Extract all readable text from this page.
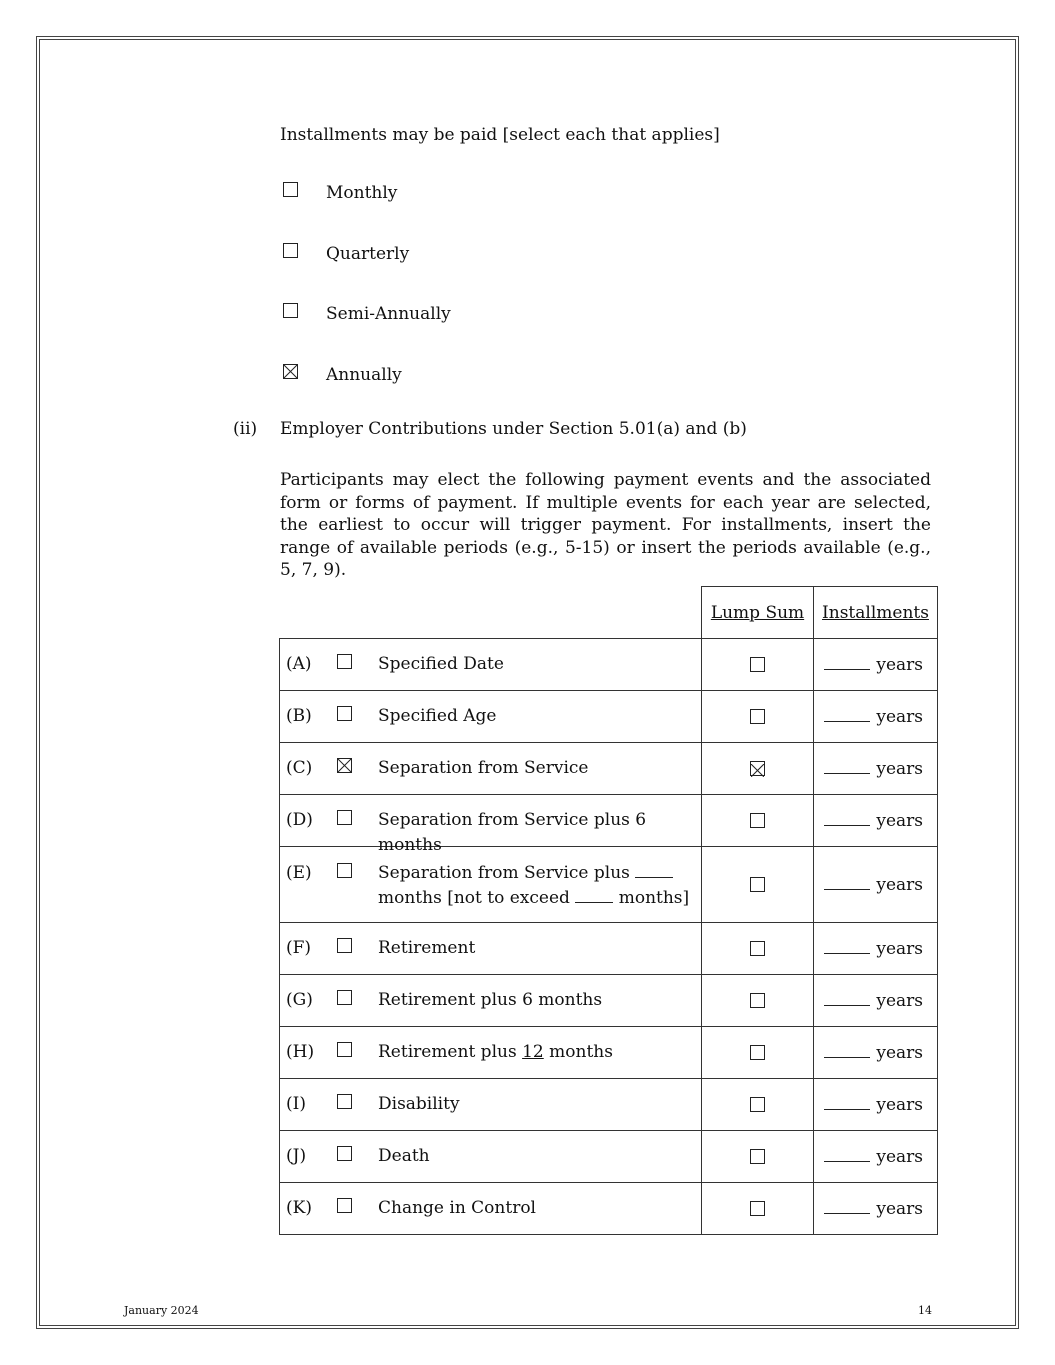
Installments may be paid [select each that applies]
Monthly
Quarterly
Semi-Annually
Annually
(ii) Employer Contributions under Section 5.01(a) and (b)
Participants may elect the following payment events and the associated form or forms of payment. If multiple events for each year are selected, the earliest to occur will trigger payment. For installments, insert the range of available periods (e.g., 5-15) or insert the periods available (e.g., 5, 7, 9).
	Lump Sum	Installments

(A) Specified Date		years

(B) Specified Age		years

(C) Separation from Service		years

(D) Separation from Service plus 6 months		years

(E) Separation from Service plus
months [not to exceed months]		years

(F) Retirement		years

(G) Retirement plus 6 months		years

(H) Retirement plus 12 months		years

(I) Disability		years

(J) Death		years

(K) Change in Control		years
January 2024	14
